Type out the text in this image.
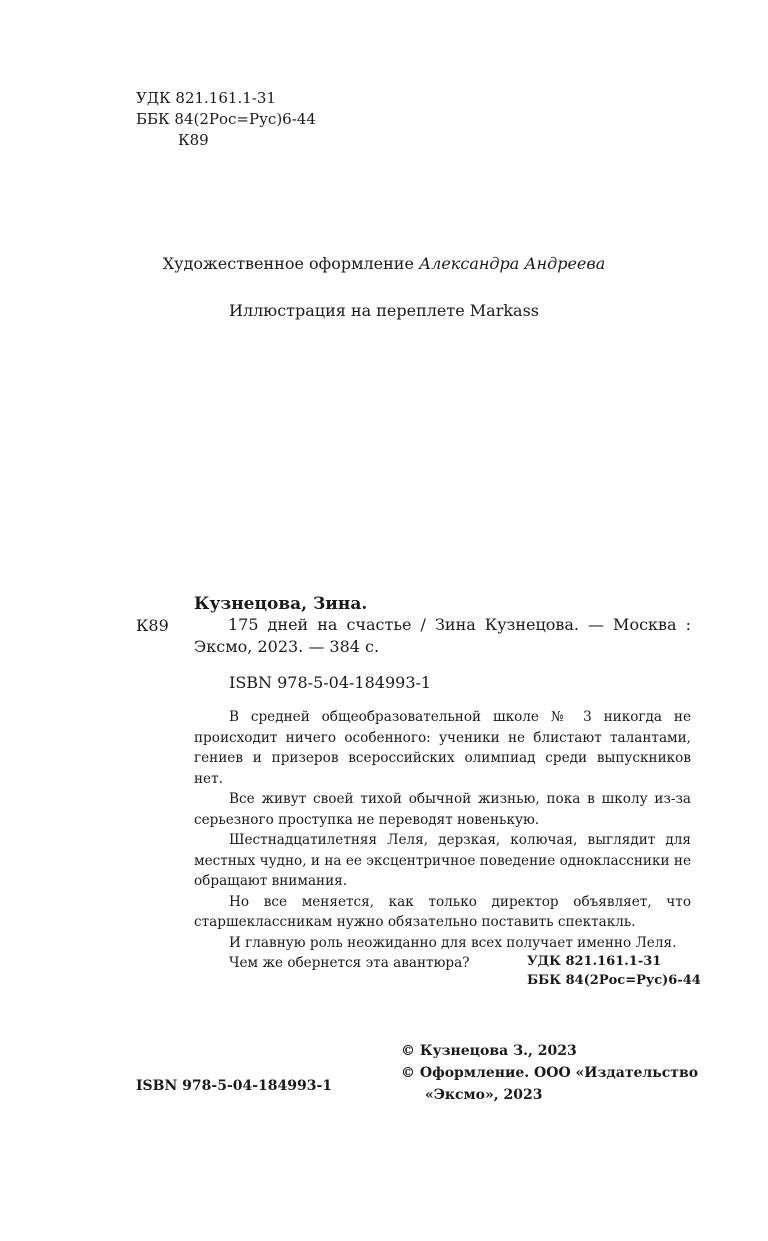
УДК 821.161.1-31
ББК 84(2Рос=Рус)6-44
К89
Художественное оформление Александра Андреева
Иллюстрация на переплете Markass
Кузнецова, Зина.
К89	175 дней на счастье / Зина Кузнецова. — Москва :
Эксмо, 2023. — 384 с.
ISBN 978-5-04-184993-1

В средней общеобразовательной школе № 3 никогда не происходит ничего особенного: ученики не блистают талантами, гениев и призеров всероссийских олимпиад среди выпускников нет.

Все живут своей тихой обычной жизнью, пока в школу из-за серьезного проступка не переводят новенькую.

Шестнадцатилетняя Леля, дерзкая, колючая, выглядит для местных чудно, и на ее эксцентричное поведение одноклассники не обращают внимания.

Но все меняется, как только директор объявляет, что старшеклассникам нужно обязательно поставить спектакль.

И главную роль неожиданно для всех получает именно Леля.

Чем же обернется эта авантюра?	УДК 821.161.1-31
ББК 84(2Рос=Рус)6-44
© Кузнецова З., 2023
© Оформление. ООО «Издательство
«Эксмо», 2023
ISBN 978-5-04-184993-1
